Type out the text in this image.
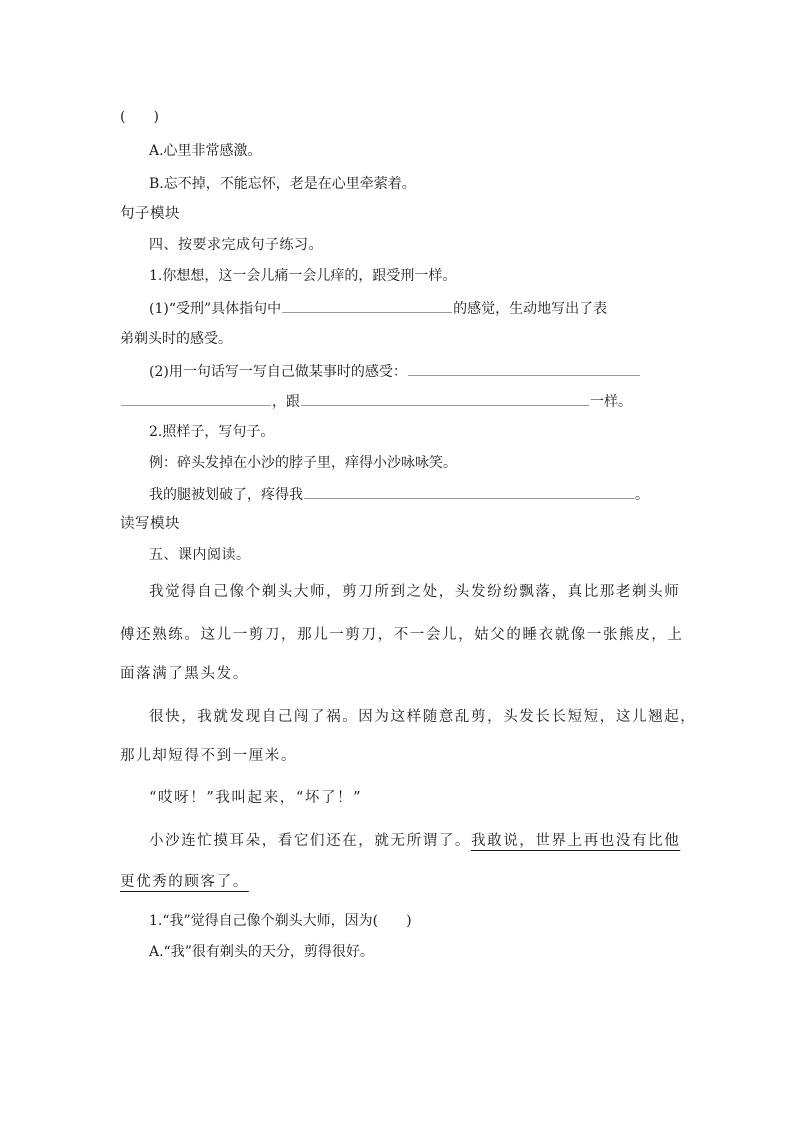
(　　)
A.心里非常感激。
B.忘不掉，不能忘怀，老是在心里牵萦着。
句子模块
四、按要求完成句子练习。
1.你想想，这一会儿痛一会儿痒的，跟受刑一样。
(1)“受刑”具体指句中	的感觉，生动地写出了表
弟剃头时的感受。
(2)用一句话写一写自己做某事时的感受：
，跟	一样。
2.照样子，写句子。
例：碎头发掉在小沙的脖子里，痒得小沙咏咏笑。
我的腿被划破了，疼得我	。
读写模块
五、课内阅读。
我觉得自己像个剃头大师，剪刀所到之处，头发纷纷飘落，真比那老剃头师
傅还熟练。这儿一剪刀，那儿一剪刀，不一会儿，姑父的睡衣就像一张熊皮，上
面落满了黑头发。
很快，我就发现自己闯了祸。因为这样随意乱剪，头发长长短短，这儿翘起，
那儿却短得不到一厘米。
“哎呀！”我叫起来，“坏了！”
小沙连忙摸耳朵，看它们还在，就无所谓了。我敢说，世界上再也没有比他
更优秀的顾客了。
1.“我”觉得自己像个剃头大师，因为(　　)
A.“我”很有剃头的天分，剪得很好。
